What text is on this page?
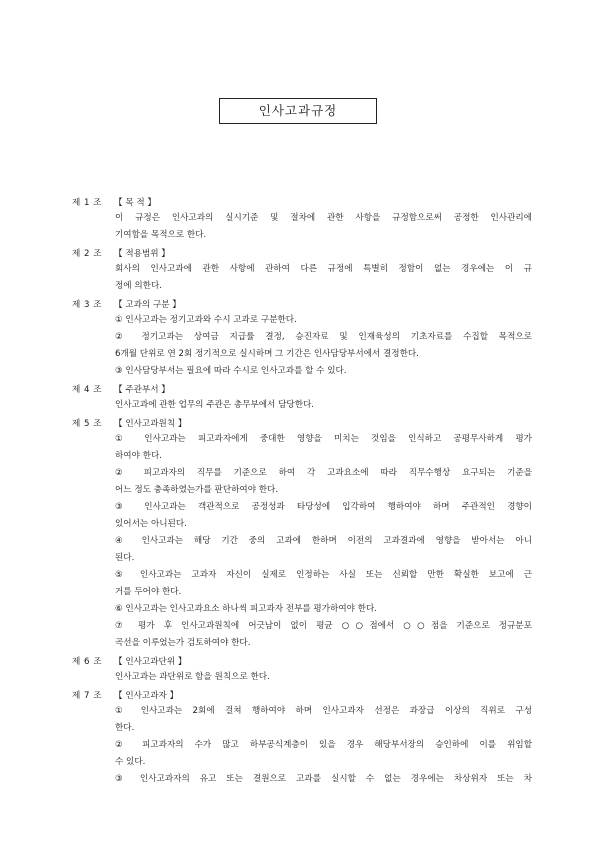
인사고과규정
제 1 조	【 목 적 】
이 규정은 인사고과의 실시기준 및 절차에 관한 사항을 규정함으로써 공정한 인사관리에
기여함을 목적으로 한다.
제 2 조	【 적용범위 】
회사의 인사고과에 관한 사항에 관하여 다른 규정에 특별히 정함이 없는 경우에는 이 규
정에 의한다.
제 3 조	【 고과의 구분 】
① 인사고과는 정기고과와 수시 고과로 구분한다.
② 정기고과는 상여금 지급률 결정, 승진자료 및 인재육성의 기초자료를 수집할 목적으로
6개월 단위로 연 2회 정기적으로 실시하며 그 기간은 인사담당부서에서 결정한다.
③ 인사담당부서는 필요에 따라 수시로 인사고과를 할 수 있다.
제 4 조	【 주관부서 】
인사고과에 관한 업무의 주관은 총무부에서 담당한다.
제 5 조	【 인사고과원칙 】
① 인사고과는 피고과자에게 중대한 영향을 미치는 것임을 인식하고 공평무사하게 평가
하여야 한다.
② 피고과자의 직무를 기준으로 하여 각 고과요소에 따라 직무수행상 요구되는 기준을
어느 정도 충족하였는가를 판단하여야 한다.
③ 인사고과는 객관적으로 공정성과 타당성에 입각하여 행하여야 하며 주관적인 경향이
있어서는 아니된다.
④ 인사고과는 해당 기간 중의 고과에 한하며 이전의 고과결과에 영향을 받아서는 아니
된다.
⑤ 인사고과는 고과자 자신이 실제로 인정하는 사실 또는 신뢰할 만한 확실한 보고에 근
거를 두어야 한다.
⑥ 인사고과는 인사고과요소 하나씩 피고과자 전부를 평가하여야 한다.
⑦ 평가 후 인사고과원칙에 어긋남이 없이 평균 ○○점에서 ○○점을 기준으로 정규분포
곡선을 이루었는가 검토하여야 한다.
제 6 조	【 인사고과단위 】
인사고과는 과단위로 함을 원칙으로 한다.
제 7 조	【 인사고과자 】
① 인사고과는 2회에 걸쳐 행하여야 하며 인사고과자 선정은 과장급 이상의 직위로 구성
한다.
② 피고과자의 수가 많고 하부공식계층이 있을 경우 해당부서장의 승인하에 이를 위임할
수 있다.
③ 인사고과자의 유고 또는 결원으로 고과를 실시할 수 없는 경우에는 차상위자 또는 차
